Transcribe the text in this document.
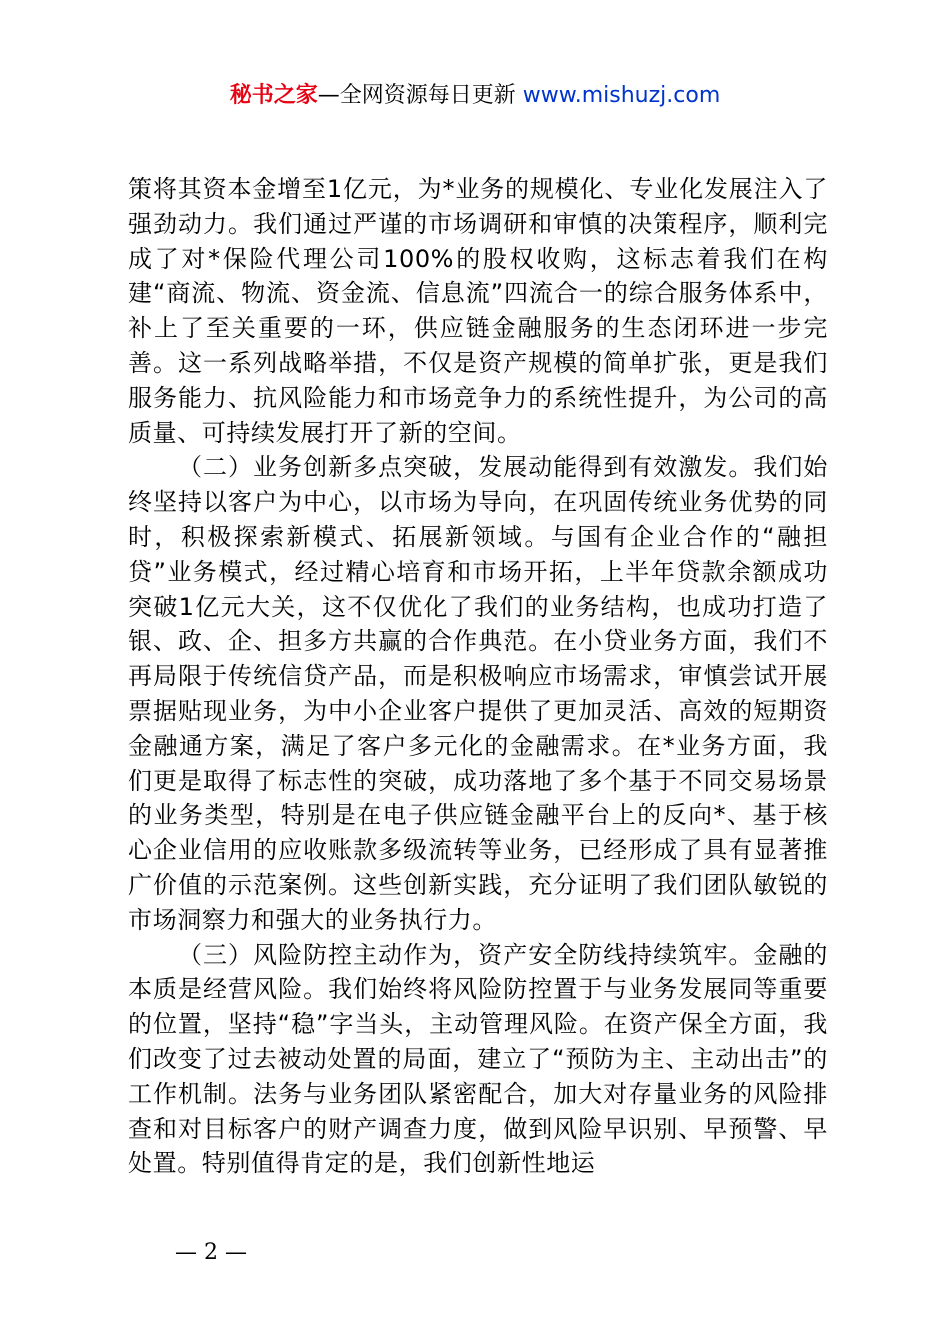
秘书之家—全网资源每日更新 www.mishuzj.com

策将其资本金增至1亿元，为*业务的规模化、专业化发展注入了强劲动力。我们通过严谨的市场调研和审慎的决策程序，顺利完成了对*保险代理公司100%的股权收购，这标志着我们在构建“商流、物流、资金流、信息流”四流合一的综合服务体系中，补上了至关重要的一环，供应链金融服务的生态闭环进一步完善。这一系列战略举措，不仅是资产规模的简单扩张，更是我们服务能力、抗风险能力和市场竞争力的系统性提升，为公司的高质量、可持续发展打开了新的空间。

（二）业务创新多点突破，发展动能得到有效激发。我们始终坚持以客户为中心，以市场为导向，在巩固传统业务优势的同时，积极探索新模式、拓展新领域。与国有企业合作的“融担贷”业务模式，经过精心培育和市场开拓，上半年贷款余额成功突破1亿元大关，这不仅优化了我们的业务结构，也成功打造了银、政、企、担多方共赢的合作典范。在小贷业务方面，我们不再局限于传统信贷产品，而是积极响应市场需求，审慎尝试开展票据贴现业务，为中小企业客户提供了更加灵活、高效的短期资金融通方案，满足了客户多元化的金融需求。在*业务方面，我们更是取得了标志性的突破，成功落地了多个基于不同交易场景的业务类型，特别是在电子供应链金融平台上的反向*、基于核心企业信用的应收账款多级流转等业务，已经形成了具有显著推广价值的示范案例。这些创新实践，充分证明了我们团队敏锐的市场洞察力和强大的业务执行力。

（三）风险防控主动作为，资产安全防线持续筑牢。金融的本质是经营风险。我们始终将风险防控置于与业务发展同等重要的位置，坚持“稳”字当头，主动管理风险。在资产保全方面，我们改变了过去被动处置的局面，建立了“预防为主、主动出击”的工作机制。法务与业务团队紧密配合，加大对存量业务的风险排查和对目标客户的财产调查力度，做到风险早识别、早预警、早处置。特别值得肯定的是，我们创新性地运

— 2 —
